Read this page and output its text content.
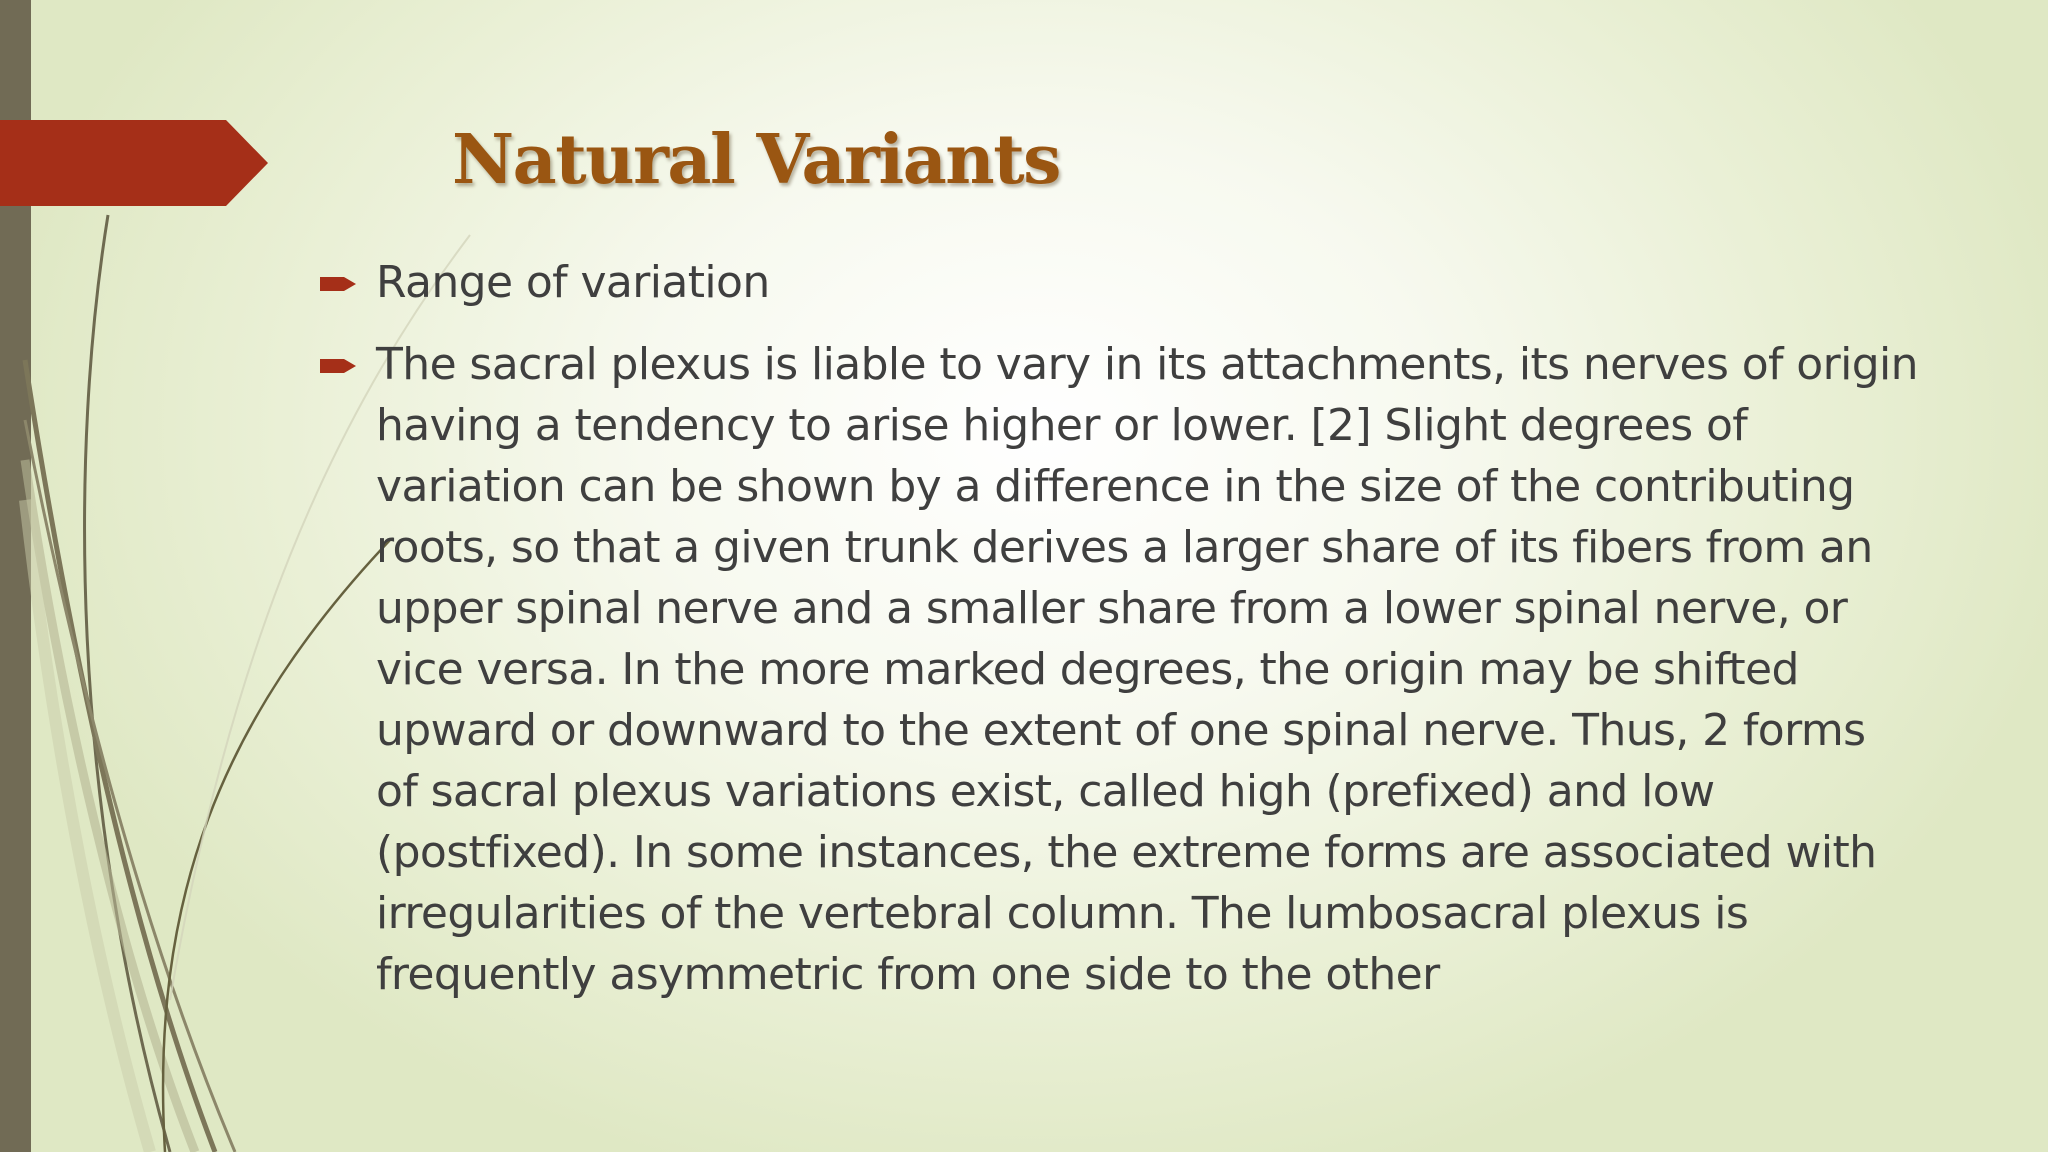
Natural Variants
Range of variation
The sacral plexus is liable to vary in its attachments, its nerves of origin having a tendency to arise higher or lower. [2] Slight degrees of variation can be shown by a difference in the size of the contributing roots, so that a given trunk derives a larger share of its fibers from an upper spinal nerve and a smaller share from a lower spinal nerve, or vice versa. In the more marked degrees, the origin may be shifted upward or downward to the extent of one spinal nerve. Thus, 2 forms of sacral plexus variations exist, called high (prefixed) and low (postfixed). In some instances, the extreme forms are associated with irregularities of the vertebral column. The lumbosacral plexus is frequently asymmetric from one side to the other
